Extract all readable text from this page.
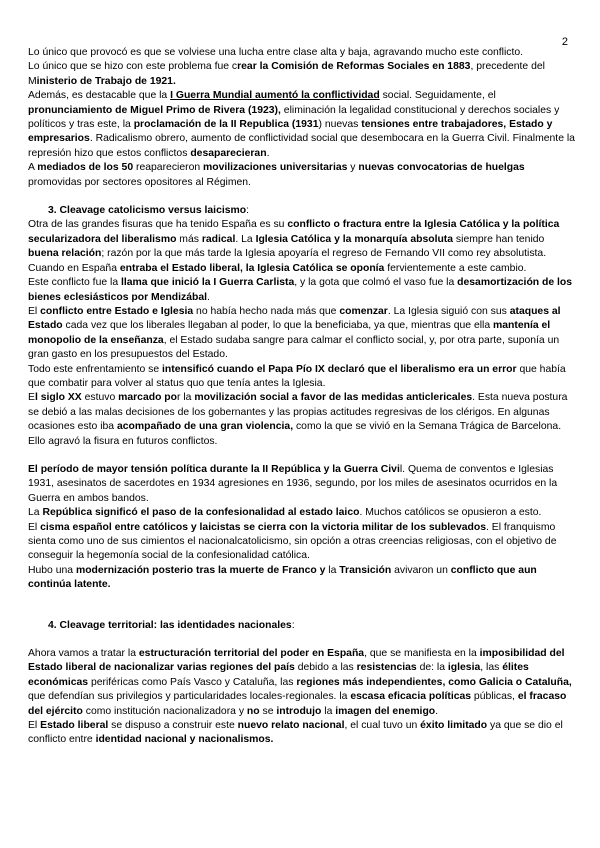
2

Lo único que provocó es que se volviese una lucha entre clase alta y baja, agravando mucho este conflicto.

Lo único que se hizo con este problema fue crear la Comisión de Reformas Sociales en 1883, precedente del Ministerio de Trabajo de 1921.

Además, es destacable que la I Guerra Mundial aumentó la conflictividad social. Seguidamente, el pronunciamiento de Miguel Primo de Rivera (1923), eliminación la legalidad constitucional y derechos sociales y políticos y tras este, la proclamación de la II Republica (1931) nuevas tensiones entre trabajadores, Estado y empresarios. Radicalismo obrero, aumento de conflictividad social que desembocara en la Guerra Civil. Finalmente la represión hizo que estos conflictos desaparecieran.

A mediados de los 50 reaparecieron movilizaciones universitarias y nuevas convocatorias de huelgas promovidas por sectores opositores al Régimen.

3. Cleavage catolicismo versus laicismo:

Otra de las grandes fisuras que ha tenido España es su conflicto o fractura entre la Iglesia Católica y la política secularizadora del liberalismo más radical. La Iglesia Católica y la monarquía absoluta siempre han tenido buena relación; razón por la que más tarde la Iglesia apoyaría el regreso de Fernando VII como rey absolutista. Cuando en España entraba el Estado liberal, la Iglesia Católica se oponía fervientemente a este cambio.

Este conflicto fue la llama que inició la I Guerra Carlista, y la gota que colmó el vaso fue la desamortización de los bienes eclesiásticos por Mendizábal.

El conflicto entre Estado e Iglesia no había hecho nada más que comenzar. La Iglesia siguió con sus ataques al Estado cada vez que los liberales llegaban al poder, lo que la beneficiaba, ya que, mientras que ella mantenía el monopolio de la enseñanza, el Estado sudaba sangre para calmar el conflicto social, y, por otra parte, suponía un gran gasto en los presupuestos del Estado.

Todo este enfrentamiento se intensificó cuando el Papa Pío IX declaró que el liberalismo era un error que había que combatir para volver al status quo que tenía antes la Iglesia.

El siglo XX estuvo marcado por la movilización social a favor de las medidas anticlericales. Esta nueva postura se debió a las malas decisiones de los gobernantes y las propias actitudes regresivas de los clérigos. En algunas ocasiones esto iba acompañado de una gran violencia, como la que se vivió en la Semana Trágica de Barcelona. Ello agravó la fisura en futuros conflictos.

El período de mayor tensión política durante la II República y la Guerra Civil. Quema de conventos e Iglesias 1931, asesinatos de sacerdotes en 1934 agresiones en 1936, segundo, por los miles de asesinatos ocurridos en la Guerra en ambos bandos.

La República significó el paso de la confesionalidad al estado laico. Muchos católicos se opusieron a esto.

El cisma español entre católicos y laicistas se cierra con la victoria militar de los sublevados. El franquismo sienta como uno de sus cimientos el nacionalcatolicismo, sin opción a otras creencias religiosas, con el objetivo de conseguir la hegemonía social de la confesionalidad católica.

Hubo una modernización posterio tras la muerte de Franco y la Transición avivaron un conflicto que aun continúa latente.

4. Cleavage territorial: las identidades nacionales:

Ahora vamos a tratar la estructuración territorial del poder en España, que se manifiesta en la imposibilidad del Estado liberal de nacionalizar varias regiones del país debido a las resistencias de: la iglesia, las élites económicas periféricas como País Vasco y Cataluña, las regiones más independientes, como Galicia o Cataluña, que defendían sus privilegios y particularidades locales-regionales. la escasa eficacia políticas públicas, el fracaso del ejército como institución nacionalizadora y no se introdujo la imagen del enemigo.

El Estado liberal se dispuso a construir este nuevo relato nacional, el cual tuvo un éxito limitado ya que se dio el conflicto entre identidad nacional y nacionalismos.
